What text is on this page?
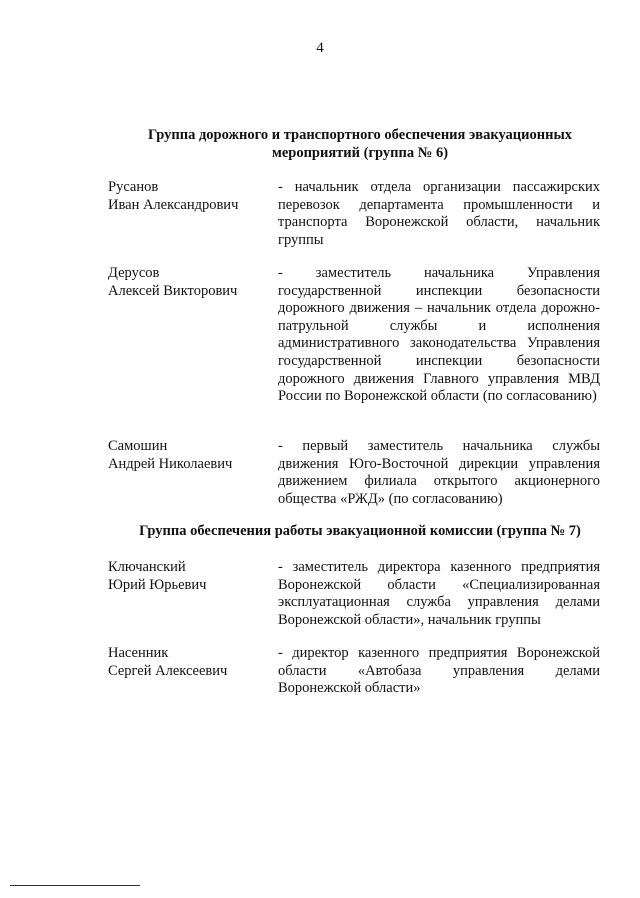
4
Группа дорожного и транспортного обеспечения эвакуационных
мероприятий (группа № 6)
Русанов
Иван Александрович
- начальник отдела организации пассажирских перевозок департамента промышленности и транспорта Воронежской области, начальник группы
Дерусов
Алексей Викторович
- заместитель начальника Управления государственной инспекции безопасности дорожного движения – начальник отдела дорожно-патрульной службы и исполнения административного законодательства Управления государственной инспекции безопасности дорожного движения Главного управления МВД России по Воронежской области (по согласованию)
Самошин
Андрей Николаевич
- первый заместитель начальника службы движения Юго-Восточной дирекции управления движением филиала открытого акционерного общества «РЖД» (по согласованию)
Группа обеспечения работы эвакуационной комиссии (группа № 7)
Ключанский
Юрий Юрьевич
- заместитель директора казенного предприятия Воронежской области «Специализированная эксплуатационная служба управления делами Воронежской области», начальник группы
Насенник
Сергей Алексеевич
- директор казенного предприятия Воронежской области «Автобаза управления делами Воронежской области»
